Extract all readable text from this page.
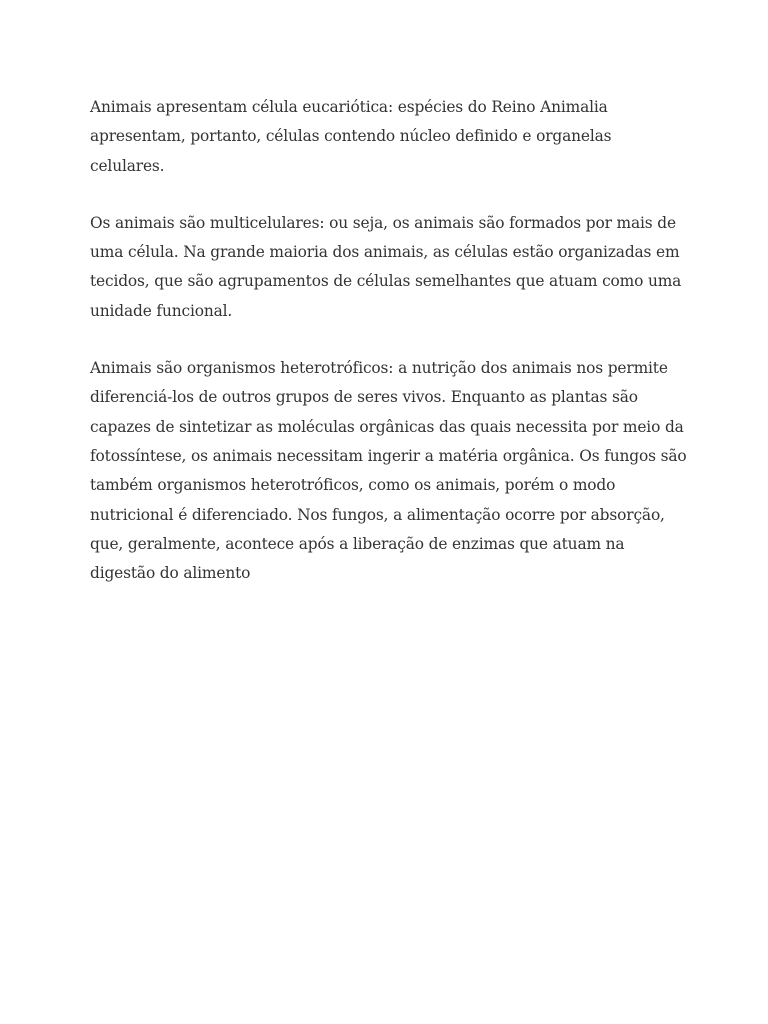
Animais apresentam célula eucariótica: espécies do Reino Animalia apresentam, portanto, células contendo núcleo definido e organelas celulares.

Os animais são multicelulares: ou seja, os animais são formados por mais de uma célula. Na grande maioria dos animais, as células estão organizadas em tecidos, que são agrupamentos de células semelhantes que atuam como uma unidade funcional.

Animais são organismos heterotróficos: a nutrição dos animais nos permite diferenciá-los de outros grupos de seres vivos. Enquanto as plantas são capazes de sintetizar as moléculas orgânicas das quais necessita por meio da fotossíntese, os animais necessitam ingerir a matéria orgânica. Os fungos são também organismos heterotróficos, como os animais, porém o modo nutricional é diferenciado. Nos fungos, a alimentação ocorre por absorção, que, geralmente, acontece após a liberação de enzimas que atuam na digestão do alimento
